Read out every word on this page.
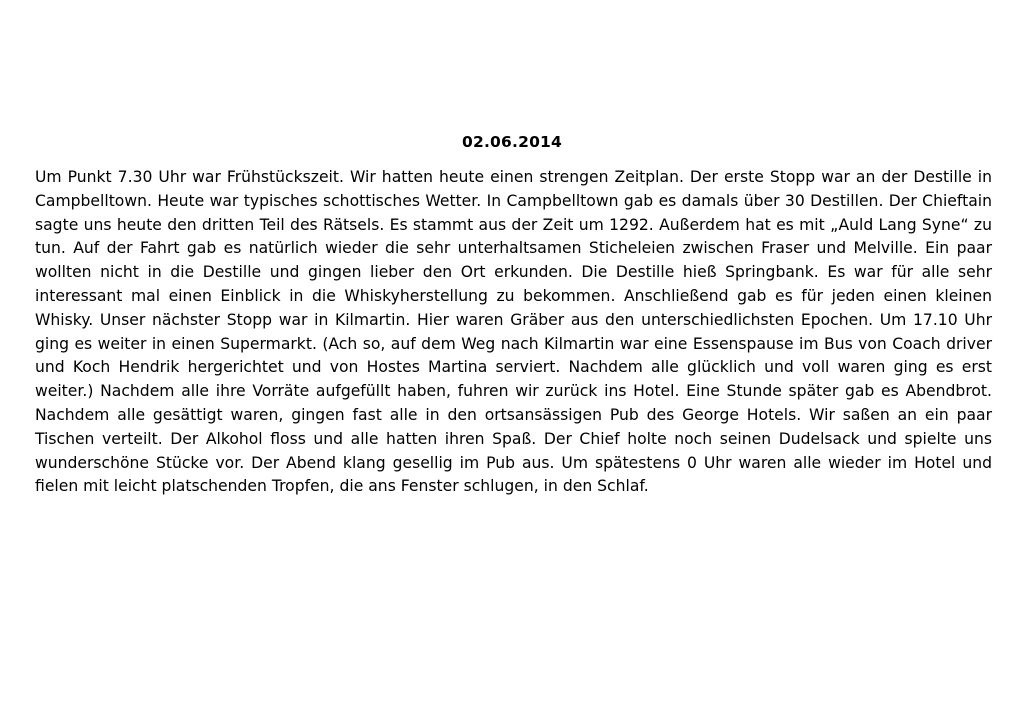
02.06.2014

Um Punkt 7.30 Uhr war Frühstückszeit. Wir hatten heute einen strengen Zeitplan. Der erste Stopp war an der Destille in Campbelltown. Heute war typisches schottisches Wetter. In Campbelltown gab es damals über 30 Destillen. Der Chieftain sagte uns heute den dritten Teil des Rätsels. Es stammt aus der Zeit um 1292. Außerdem hat es mit „Auld Lang Syne“ zu tun. Auf der Fahrt gab es natürlich wieder die sehr unterhaltsamen Sticheleien zwischen Fraser und Melville. Ein paar wollten nicht in die Destille und gingen lieber den Ort erkunden. Die Destille hieß Springbank. Es war für alle sehr interessant mal einen Einblick in die Whiskyherstellung zu bekommen. Anschließend gab es für jeden einen kleinen Whisky. Unser nächster Stopp war in Kilmartin. Hier waren Gräber aus den unterschiedlichsten Epochen. Um 17.10 Uhr ging es weiter in einen Supermarkt. (Ach so, auf dem Weg nach Kilmartin war eine Essenspause im Bus von Coach driver und Koch Hendrik hergerichtet und von Hostes Martina serviert. Nachdem alle glücklich und voll waren ging es erst weiter.) Nachdem alle ihre Vorräte aufgefüllt haben, fuhren wir zurück ins Hotel. Eine Stunde später gab es Abendbrot. Nachdem alle gesättigt waren, gingen fast alle in den ortsansässigen Pub des George Hotels. Wir saßen an ein paar Tischen verteilt. Der Alkohol floss und alle hatten ihren Spaß. Der Chief holte noch seinen Dudelsack und spielte uns wunderschöne Stücke vor. Der Abend klang gesellig im Pub aus. Um spätestens 0 Uhr waren alle wieder im Hotel und fielen mit leicht platschenden Tropfen, die ans Fenster schlugen, in den Schlaf.
